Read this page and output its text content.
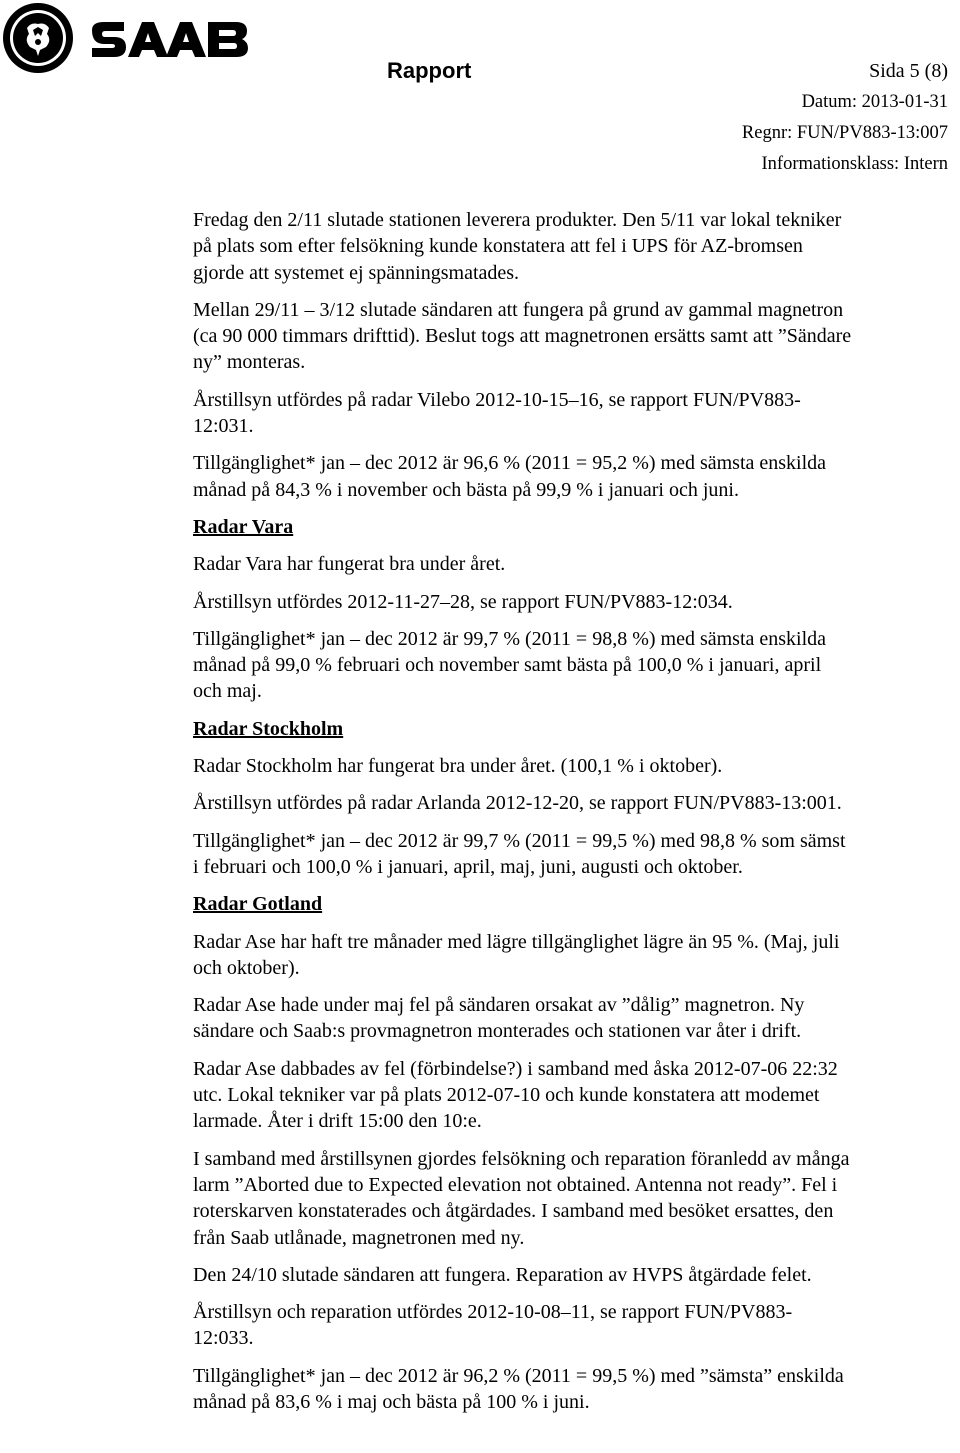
Rapport	Sida 5 (8)
Datum: 2013-01-31
Regnr: FUN/PV883-13:007
Informationsklass: Intern

Fredag den 2/11 slutade stationen leverera produkter. Den 5/11 var lokal tekniker
på plats som efter felsökning kunde konstatera att fel i UPS för AZ-bromsen
gjorde att systemet ej spänningsmatades.

Mellan 29/11 – 3/12 slutade sändaren att fungera på grund av gammal magnetron
(ca 90 000 timmars drifttid). Beslut togs att magnetronen ersätts samt att ”Sändare
ny” monteras.

Årstillsyn utfördes på radar Vilebo 2012-10-15–16, se rapport FUN/PV883-
12:031.

Tillgänglighet* jan – dec 2012 är 96,6 % (2011 = 95,2 %) med sämsta enskilda
månad på 84,3 % i november och bästa på 99,9 % i januari och juni.

Radar Vara

Radar Vara har fungerat bra under året.

Årstillsyn utfördes 2012-11-27–28, se rapport FUN/PV883-12:034.

Tillgänglighet* jan – dec 2012 är 99,7 % (2011 = 98,8 %) med sämsta enskilda
månad på 99,0 % februari och november samt bästa på 100,0 % i januari, april
och maj.

Radar Stockholm

Radar Stockholm har fungerat bra under året. (100,1 % i oktober).

Årstillsyn utfördes på radar Arlanda 2012-12-20, se rapport FUN/PV883-13:001.

Tillgänglighet* jan – dec 2012 är 99,7 % (2011 = 99,5 %) med 98,8 % som sämst
i februari och 100,0 % i januari, april, maj, juni, augusti och oktober.

Radar Gotland

Radar Ase har haft tre månader med lägre tillgänglighet lägre än 95 %. (Maj, juli
och oktober).

Radar Ase hade under maj fel på sändaren orsakat av ”dålig” magnetron. Ny
sändare och Saab:s provmagnetron monterades och stationen var åter i drift.

Radar Ase dabbades av fel (förbindelse?) i samband med åska 2012-07-06 22:32
utc. Lokal tekniker var på plats 2012-07-10 och kunde konstatera att modemet
larmade. Åter i drift 15:00 den 10:e.

I samband med årstillsynen gjordes felsökning och reparation föranledd av många
larm ”Aborted due to Expected elevation not obtained. Antenna not ready”. Fel i
roterskarven konstaterades och åtgärdades. I samband med besöket ersattes, den
från Saab utlånade, magnetronen med ny.

Den 24/10 slutade sändaren att fungera. Reparation av HVPS åtgärdade felet.

Årstillsyn och reparation utfördes 2012-10-08–11, se rapport FUN/PV883-
12:033.

Tillgänglighet* jan – dec 2012 är 96,2 % (2011 = 99,5 %) med ”sämsta” enskilda
månad på 83,6 % i maj och bästa på 100 % i juni.
